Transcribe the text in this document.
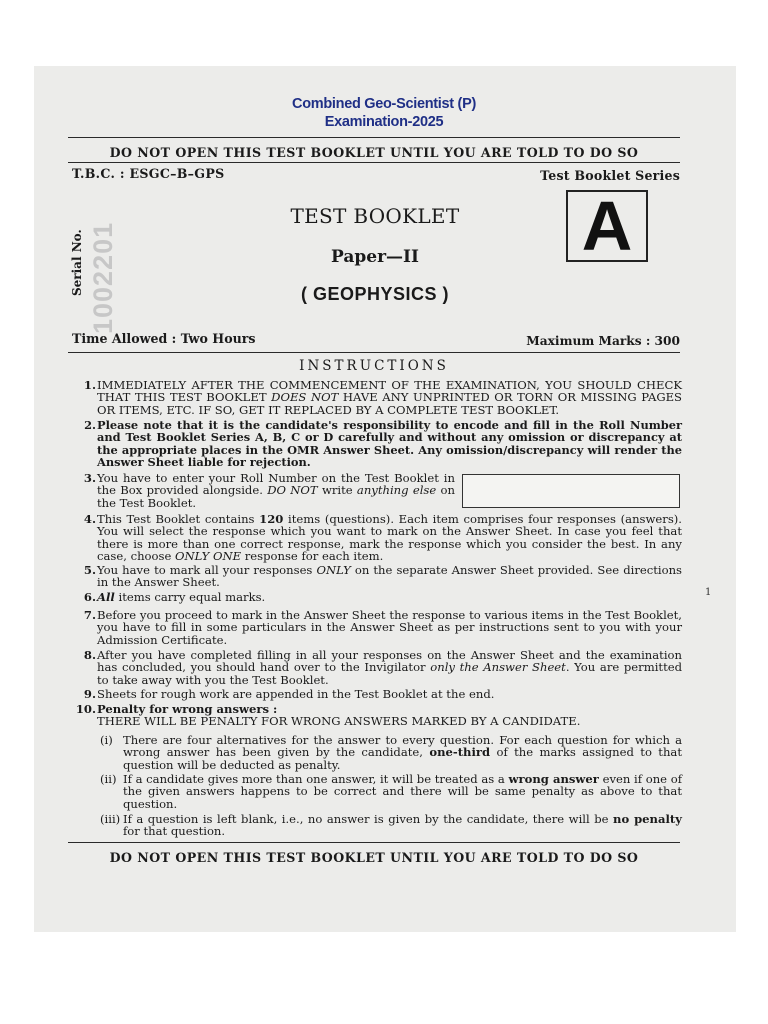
Combined Geo-Scientist (P)
Examination-2025
DO NOT OPEN THIS TEST BOOKLET UNTIL YOU ARE TOLD TO DO SO
T.B.C. : ESGC–B–GPS	Test Booklet Series
Serial No. 1002201
TEST BOOKLET
Paper—II
( GEOPHYSICS )
A
Time Allowed : Two Hours	Maximum Marks : 300
INSTRUCTIONS
1. IMMEDIATELY AFTER THE COMMENCEMENT OF THE EXAMINATION, YOU SHOULD CHECK THAT THIS TEST BOOKLET DOES NOT HAVE ANY UNPRINTED OR TORN OR MISSING PAGES OR ITEMS, ETC. IF SO, GET IT REPLACED BY A COMPLETE TEST BOOKLET.
2. Please note that it is the candidate's responsibility to encode and fill in the Roll Number and Test Booklet Series A, B, C or D carefully and without any omission or discrepancy at the appropriate places in the OMR Answer Sheet. Any omission/discrepancy will render the Answer Sheet liable for rejection.
3. You have to enter your Roll Number on the Test Booklet in the Box provided alongside. DO NOT write anything else on the Test Booklet.
4. This Test Booklet contains 120 items (questions). Each item comprises four responses (answers). You will select the response which you want to mark on the Answer Sheet. In case you feel that there is more than one correct response, mark the response which you consider the best. In any case, choose ONLY ONE response for each item.
5. You have to mark all your responses ONLY on the separate Answer Sheet provided. See directions in the Answer Sheet.
6. All items carry equal marks.
7. Before you proceed to mark in the Answer Sheet the response to various items in the Test Booklet, you have to fill in some particulars in the Answer Sheet as per instructions sent to you with your Admission Certificate.
8. After you have completed filling in all your responses on the Answer Sheet and the examination has concluded, you should hand over to the Invigilator only the Answer Sheet. You are permitted to take away with you the Test Booklet.
9. Sheets for rough work are appended in the Test Booklet at the end.
10. Penalty for wrong answers :
THERE WILL BE PENALTY FOR WRONG ANSWERS MARKED BY A CANDIDATE.
(i) There are four alternatives for the answer to every question. For each question for which a wrong answer has been given by the candidate, one-third of the marks assigned to that question will be deducted as penalty.
(ii) If a candidate gives more than one answer, it will be treated as a wrong answer even if one of the given answers happens to be correct and there will be same penalty as above to that question.
(iii) If a question is left blank, i.e., no answer is given by the candidate, there will be no penalty for that question.
DO NOT OPEN THIS TEST BOOKLET UNTIL YOU ARE TOLD TO DO SO
1
